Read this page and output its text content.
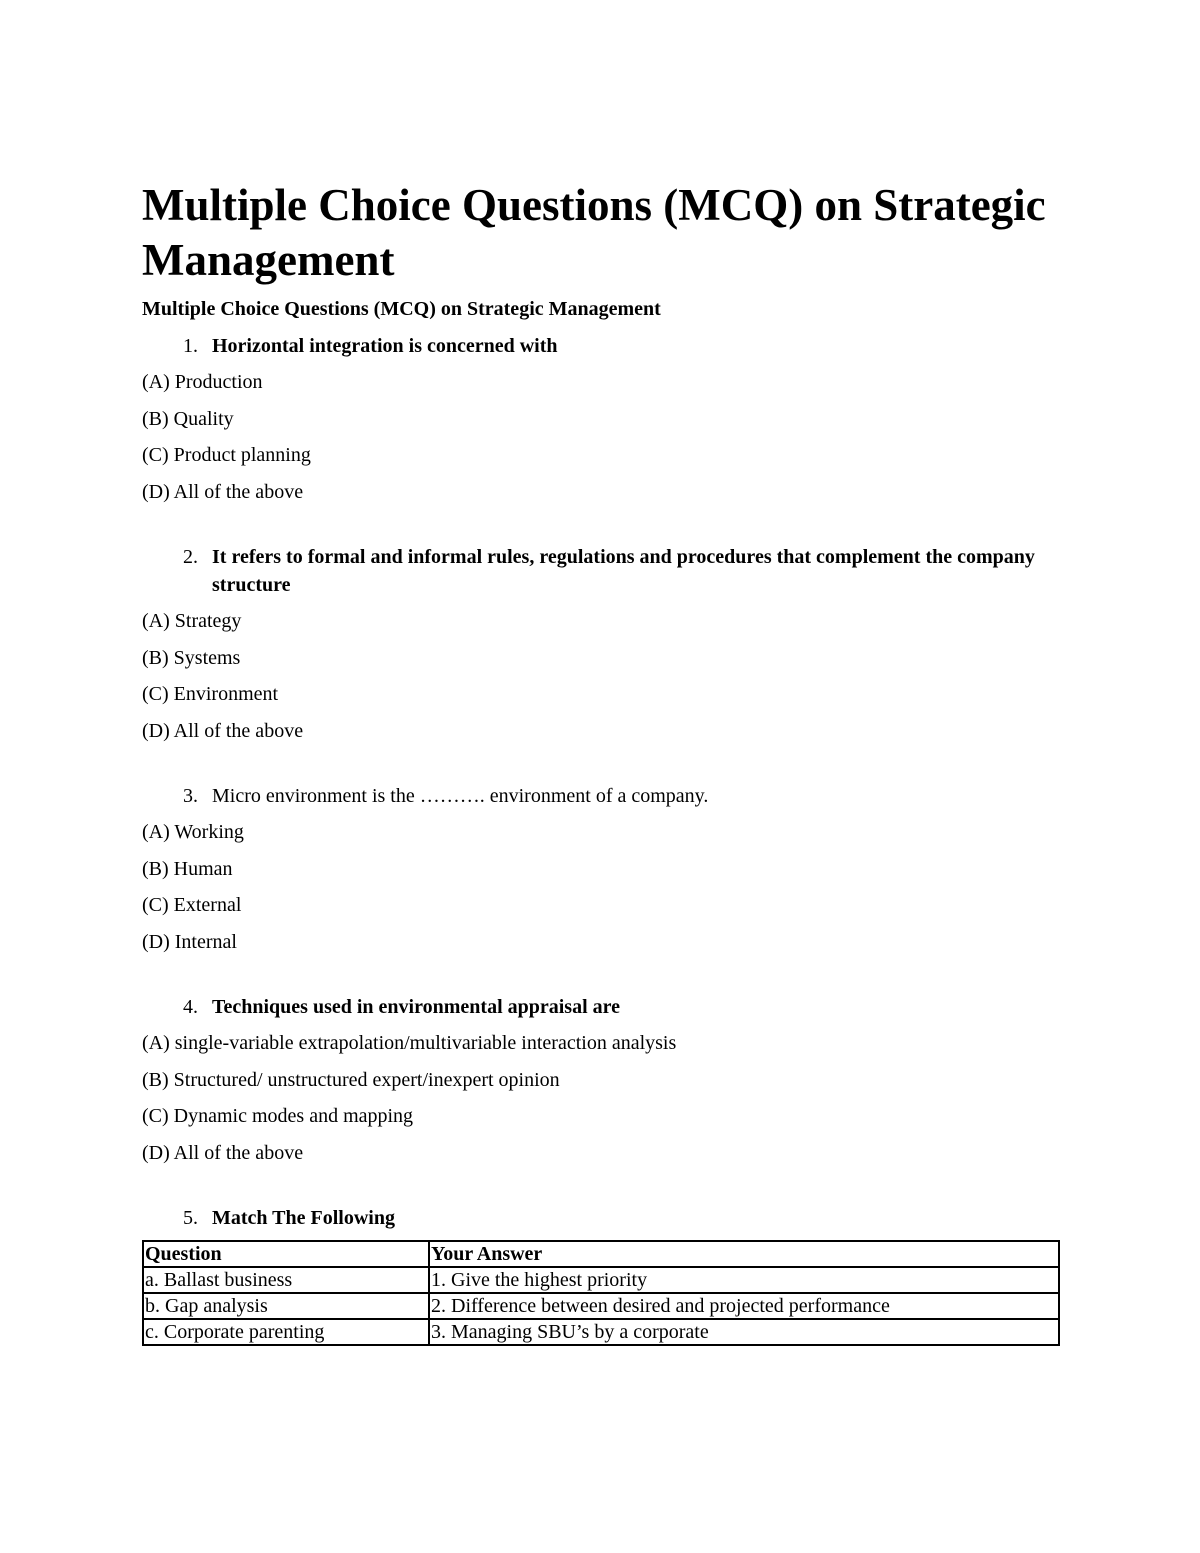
Multiple Choice Questions (MCQ) on Strategic Management
Multiple Choice Questions (MCQ) on Strategic Management
1. Horizontal integration is concerned with
(A) Production
(B) Quality
(C) Product planning
(D) All of the above
2. It refers to formal and informal rules, regulations and procedures that complement the company structure
(A) Strategy
(B) Systems
(C) Environment
(D) All of the above
3. Micro environment is the ………. environment of a company.
(A) Working
(B) Human
(C) External
(D) Internal
4. Techniques used in environmental appraisal are
(A) single-variable extrapolation/multivariable interaction analysis
(B) Structured/ unstructured expert/inexpert opinion
(C) Dynamic modes and mapping
(D) All of the above
5. Match The Following
Question	Your Answer
a. Ballast business	1. Give the highest priority
b. Gap analysis	2. Difference between desired and projected performance
c. Corporate parenting	3. Managing SBU’s by a corporate
